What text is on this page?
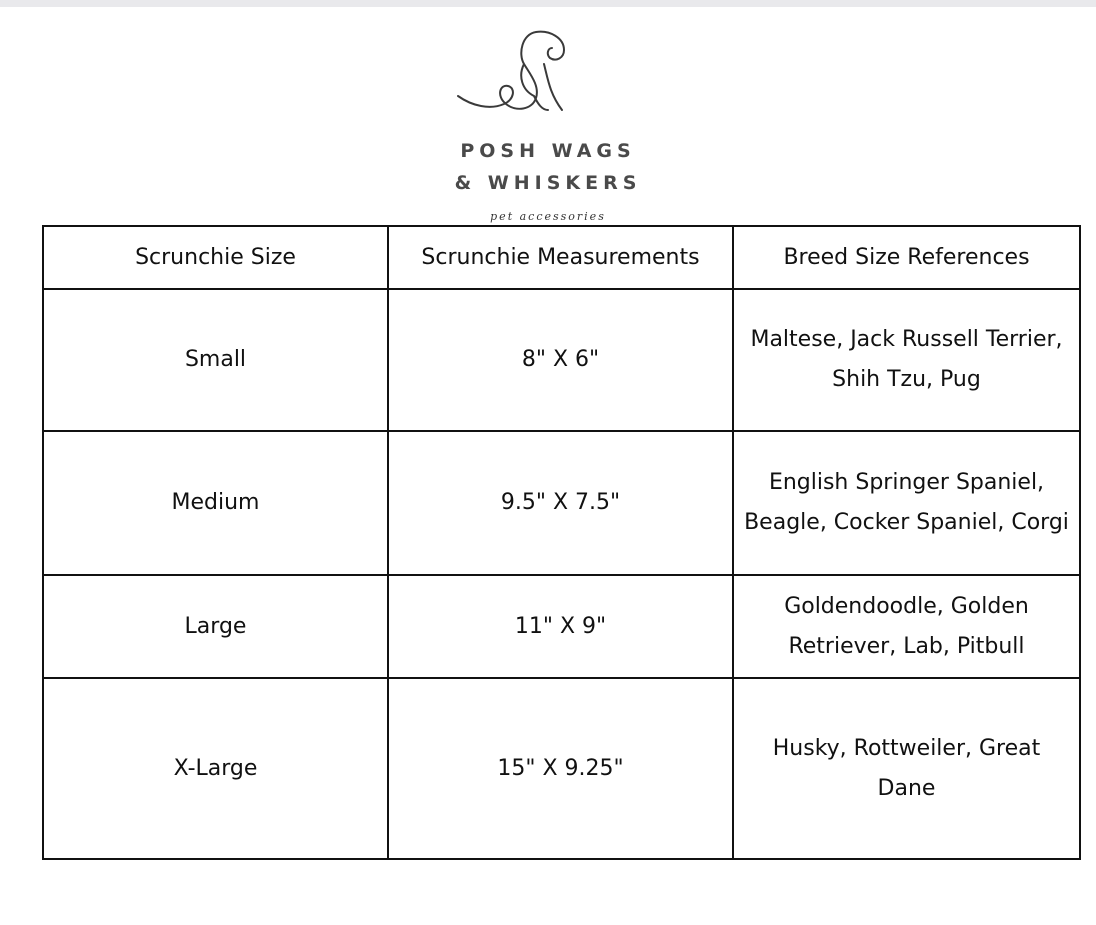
POSH WAGS
& WHISKERS
pet accessories
Scrunchie Size	Scrunchie Measurements	Breed Size References
Small	8" X 6"	Maltese, Jack Russell Terrier, Shih Tzu, Pug
Medium	9.5" X 7.5"	English Springer Spaniel, Beagle, Cocker Spaniel, Corgi
Large	11" X 9"	Goldendoodle, Golden Retriever, Lab, Pitbull
X-Large	15" X 9.25"	Husky, Rottweiler, Great Dane
